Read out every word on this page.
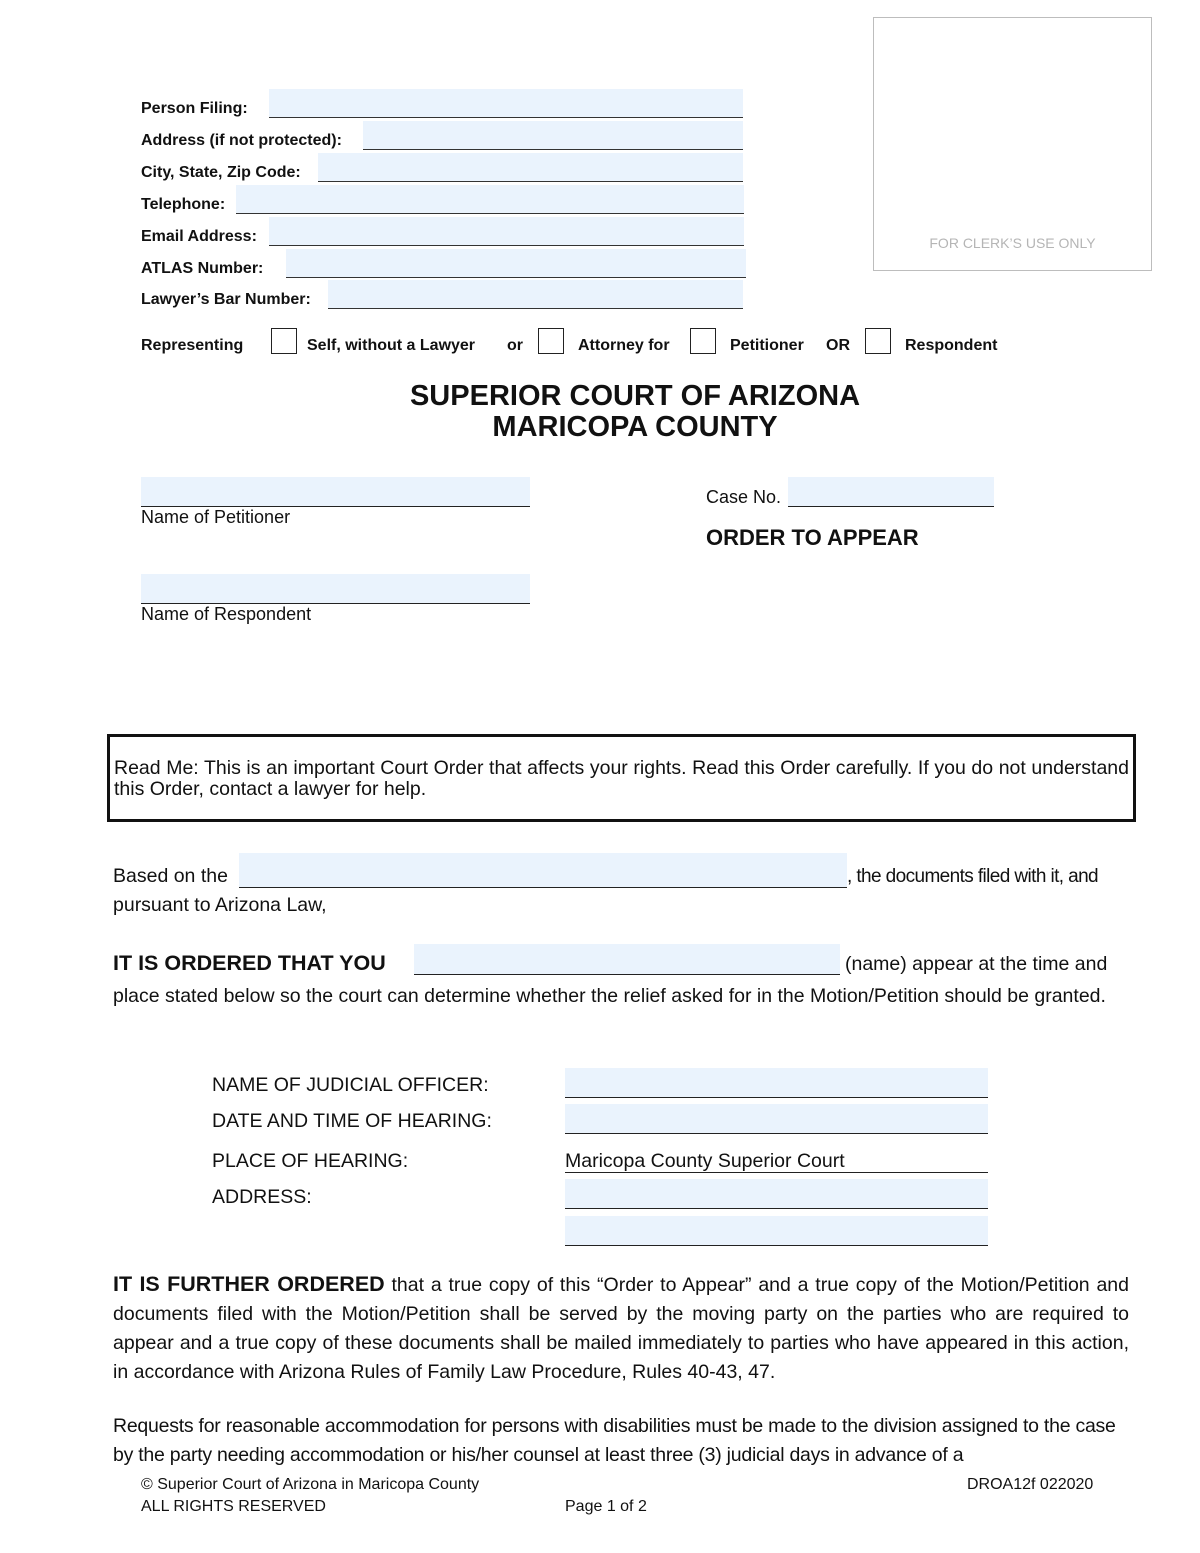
Person Filing:
Address (if not protected):
City, State, Zip Code:
Telephone:
Email Address:
ATLAS Number:
Lawyer’s Bar Number:
FOR CLERK’S USE ONLY
Representing	Self, without a Lawyer or	Attorney for	Petitioner OR	Respondent
SUPERIOR COURT OF ARIZONA
MARICOPA COUNTY
Name of Petitioner
Name of Respondent
Case No.
ORDER TO APPEAR
Read Me: This is an important Court Order that affects your rights. Read this Order carefully. If you do not understand this Order, contact a lawyer for help.
Based on the	, the documents filed with it, and
pursuant to Arizona Law,
IT IS ORDERED THAT YOU	(name) appear at the time and
place stated below so the court can determine whether the relief asked for in the Motion/Petition should be granted.
NAME OF JUDICIAL OFFICER:
DATE AND TIME OF HEARING:
PLACE OF HEARING:	Maricopa County Superior Court
ADDRESS:
IT IS FURTHER ORDERED that a true copy of this “Order to Appear” and a true copy of the Motion/Petition and documents filed with the Motion/Petition shall be served by the moving party on the parties who are required to appear and a true copy of these documents shall be mailed immediately to parties who have appeared in this action, in accordance with Arizona Rules of Family Law Procedure, Rules 40-43, 47.
Requests for reasonable accommodation for persons with disabilities must be made to the division assigned to the case by the party needing accommodation or his/her counsel at least three (3) judicial days in advance of a
© Superior Court of Arizona in Maricopa County
ALL RIGHTS RESERVED	Page 1 of 2
DROA12f 022020
